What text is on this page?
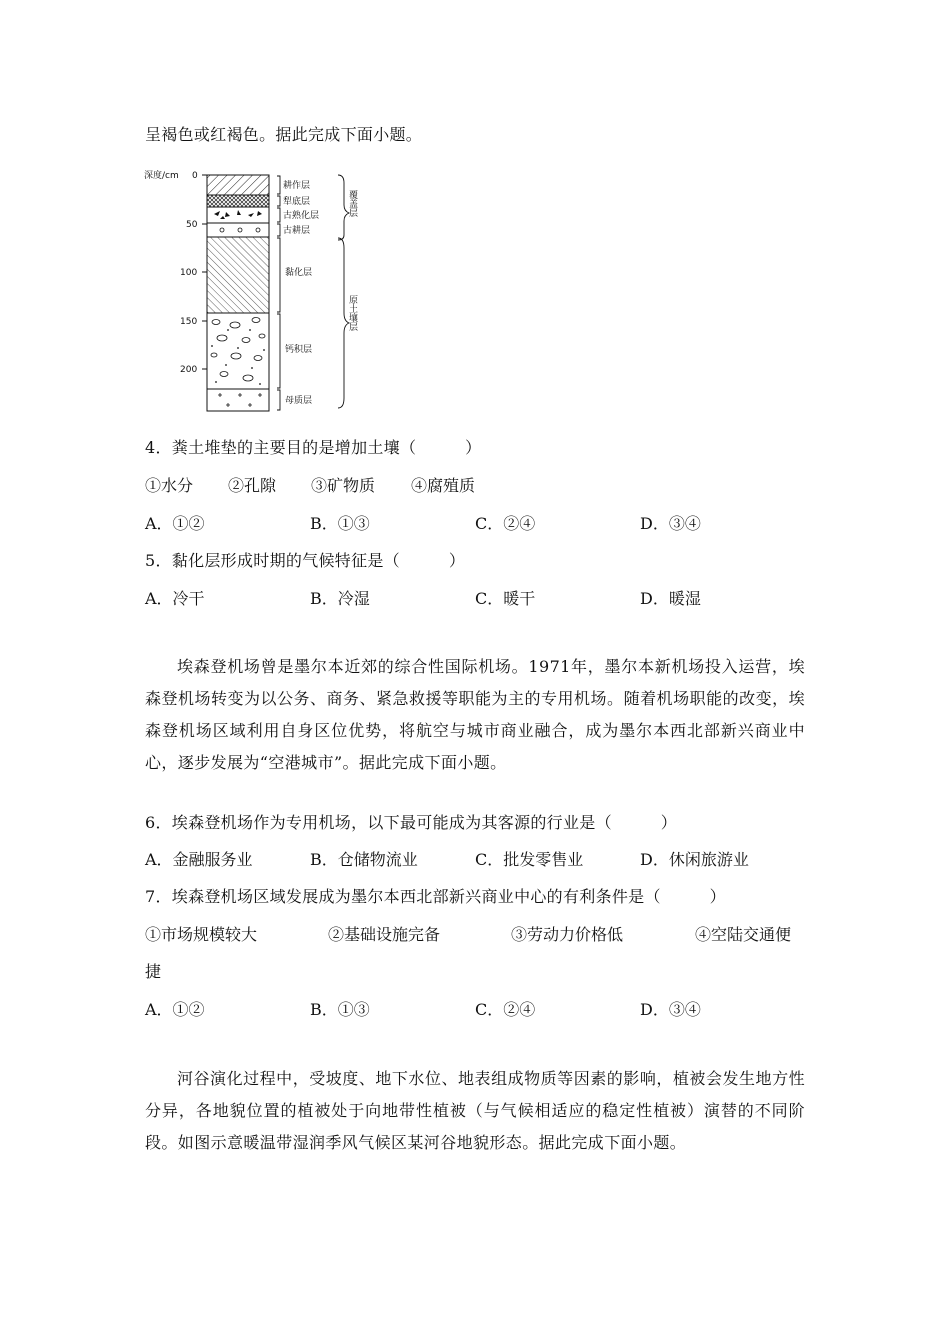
呈褐色或红褐色。据此完成下面小题。
深度/cm 0
50
100
150
200
耕作层
犁底层
古熟化层
古耕层
黏化层
钙积层
母质层
覆盖层
原土壤层
4．粪土堆垫的主要目的是增加土壤（　　　）
①水分 ②孔隙 ③矿物质 ④腐殖质
A．①②	B．①③	C．②④	D．③④
5．黏化层形成时期的气候特征是（　　　）
A．冷干	B．冷湿	C．暖干	D．暖湿
埃森登机场曾是墨尔本近郊的综合性国际机场。1971年，墨尔本新机场投入运营，埃森登机场转变为以公务、商务、紧急救援等职能为主的专用机场。随着机场职能的改变，埃森登机场区域利用自身区位优势，将航空与城市商业融合，成为墨尔本西北部新兴商业中心，逐步发展为“空港城市”。据此完成下面小题。
6．埃森登机场作为专用机场，以下最可能成为其客源的行业是（　　　）
A．金融服务业	B．仓储物流业	C．批发零售业	D．休闲旅游业
7．埃森登机场区域发展成为墨尔本西北部新兴商业中心的有利条件是（　　　）
①市场规模较大	②基础设施完备	③劳动力价格低	④空陆交通便
捷
A．①②	B．①③	C．②④	D．③④
河谷演化过程中，受坡度、地下水位、地表组成物质等因素的影响，植被会发生地方性分异，各地貌位置的植被处于向地带性植被（与气候相适应的稳定性植被）演替的不同阶段。如图示意暖温带湿润季风气候区某河谷地貌形态。据此完成下面小题。
